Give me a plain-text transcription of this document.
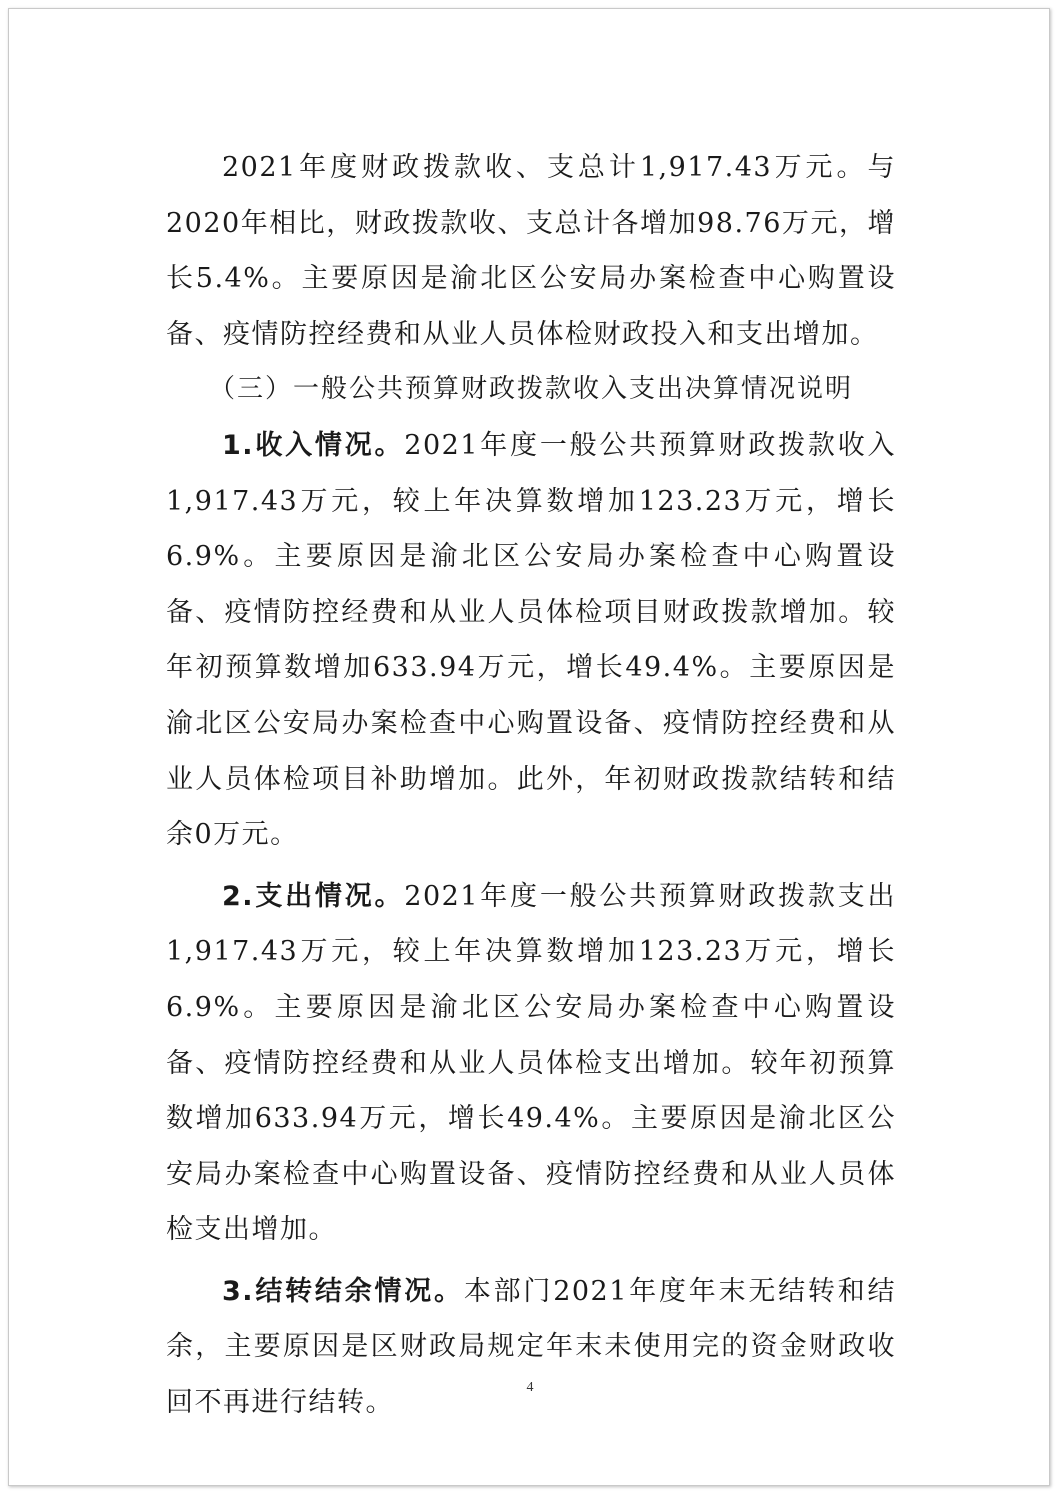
2021年度财政拨款收、支总计1,917.43万元。与2020年相比，财政拨款收、支总计各增加98.76万元，增长5.4%。主要原因是渝北区公安局办案检查中心购置设备、疫情防控经费和从业人员体检财政投入和支出增加。

（三）一般公共预算财政拨款收入支出决算情况说明

1.收入情况。2021年度一般公共预算财政拨款收入1,917.43万元，较上年决算数增加123.23万元，增长6.9%。主要原因是渝北区公安局办案检查中心购置设备、疫情防控经费和从业人员体检项目财政拨款增加。较年初预算数增加633.94万元，增长49.4%。主要原因是渝北区公安局办案检查中心购置设备、疫情防控经费和从业人员体检项目补助增加。此外，年初财政拨款结转和结余0万元。

2.支出情况。2021年度一般公共预算财政拨款支出1,917.43万元，较上年决算数增加123.23万元，增长6.9%。主要原因是渝北区公安局办案检查中心购置设备、疫情防控经费和从业人员体检支出增加。较年初预算数增加633.94万元，增长49.4%。主要原因是渝北区公安局办案检查中心购置设备、疫情防控经费和从业人员体检支出增加。

3.结转结余情况。本部门2021年度年末无结转和结余，主要原因是区财政局规定年末未使用完的资金财政收回不再进行结转。	4
